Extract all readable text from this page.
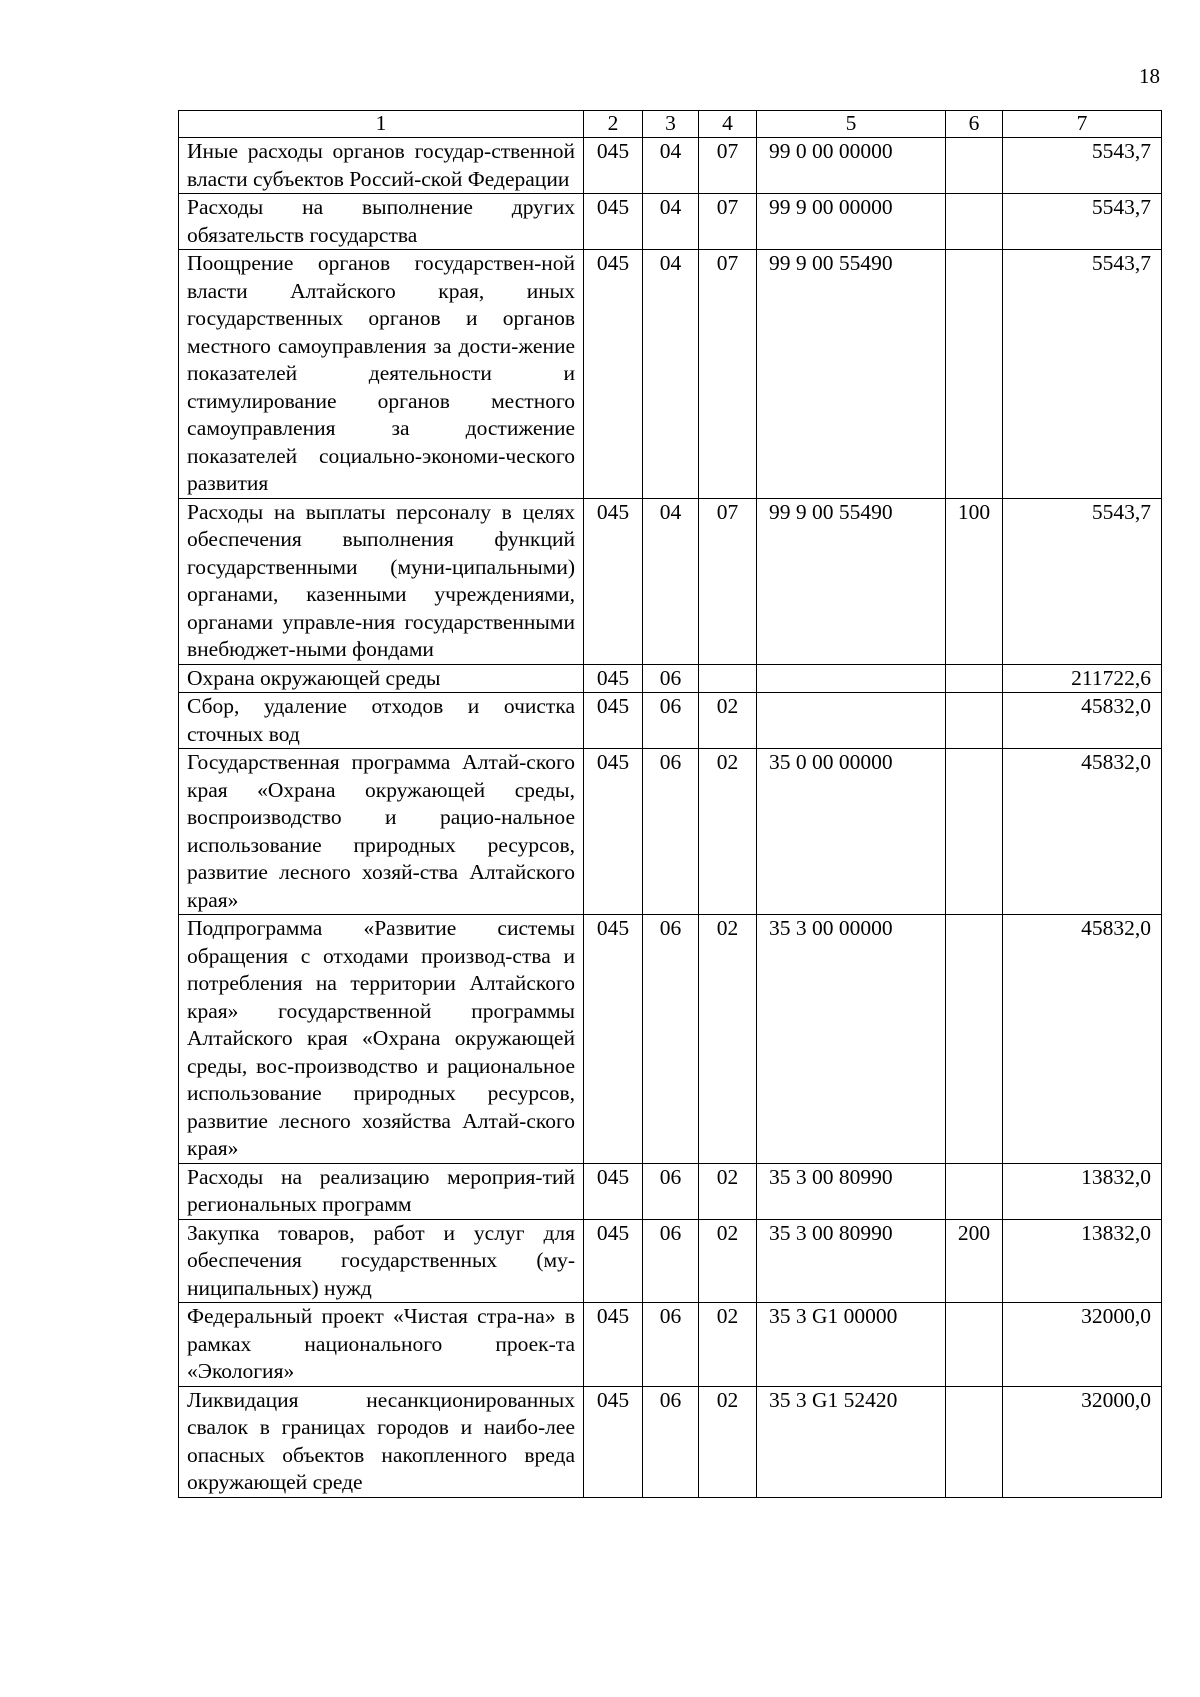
18
1	2	3	4	5	6	7
Иные расходы органов государ-ственной власти субъектов Россий-ской Федерации	045	04	07	99 0 00 00000		5543,7
Расходы на выполнение других обязательств государства	045	04	07	99 9 00 00000		5543,7
Поощрение органов государствен-ной власти Алтайского края, иных государственных органов и органов местного самоуправления за дости-жение показателей деятельности и стимулирование органов местного самоуправления за достижение показателей социально-экономи-ческого развития	045	04	07	99 9 00 55490		5543,7
Расходы на выплаты персоналу в целях обеспечения выполнения функций государственными (муни-ципальными) органами, казенными учреждениями, органами управле-ния государственными внебюджет-ными фондами	045	04	07	99 9 00 55490	100	5543,7
Охрана окружающей среды	045	06				211722,6
Сбор, удаление отходов и очистка сточных вод	045	06	02			45832,0
Государственная программа Алтай-ского края «Охрана окружающей среды, воспроизводство и рацио-нальное использование природных ресурсов, развитие лесного хозяй-ства Алтайского края»	045	06	02	35 0 00 00000		45832,0
Подпрограмма «Развитие системы обращения с отходами производ-ства и потребления на территории Алтайского края» государственной программы Алтайского края «Охрана окружающей среды, вос-производство и рациональное использование природных ресурсов, развитие лесного хозяйства Алтай-ского края»	045	06	02	35 3 00 00000		45832,0
Расходы на реализацию мероприя-тий региональных программ	045	06	02	35 3 00 80990		13832,0
Закупка товаров, работ и услуг для обеспечения государственных (му-ниципальных) нужд	045	06	02	35 3 00 80990	200	13832,0
Федеральный проект «Чистая стра-на» в рамках национального проек-та «Экология»	045	06	02	35 3 G1 00000		32000,0
Ликвидация несанкционированных свалок в границах городов и наибо-лее опасных объектов накопленного вреда окружающей среде	045	06	02	35 3 G1 52420		32000,0
